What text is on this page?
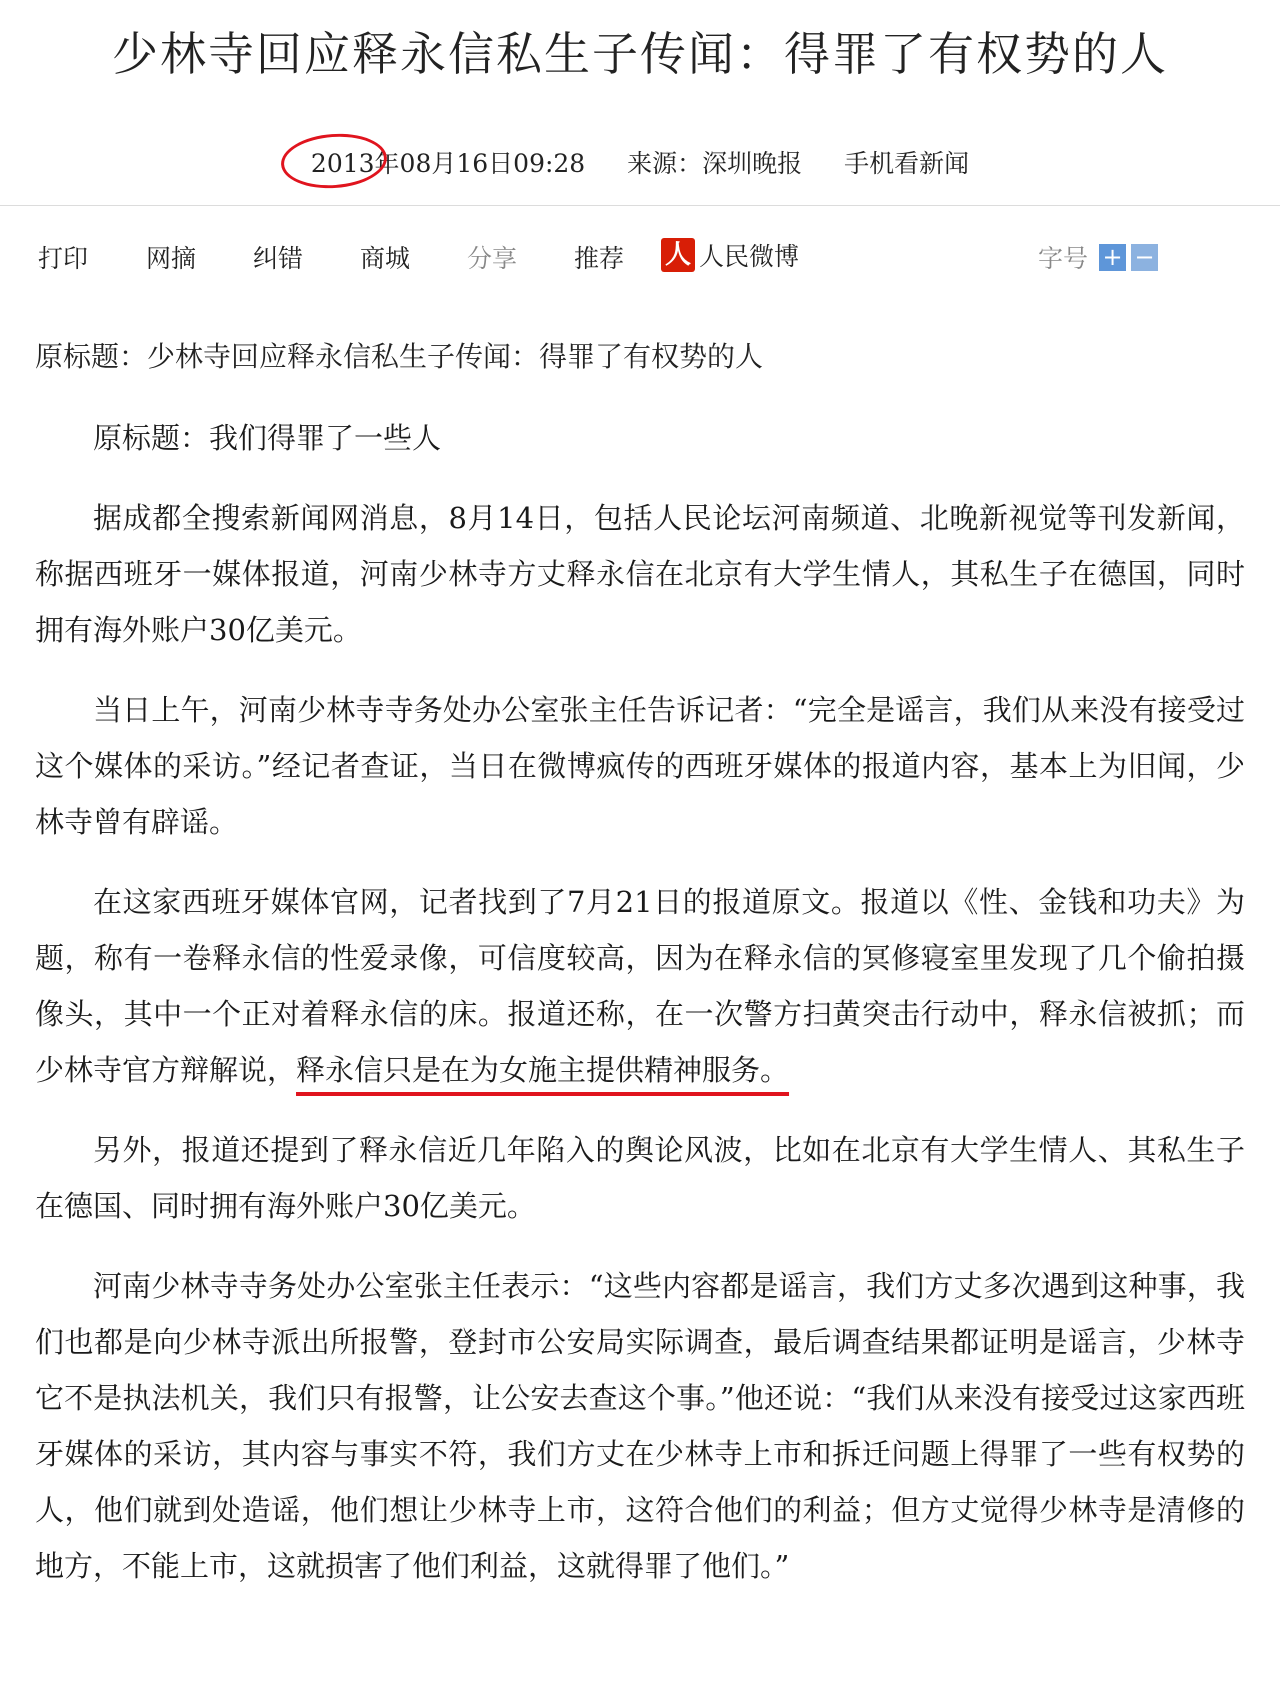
少林寺回应释永信私生子传闻：得罪了有权势的人
2013年
08月16日09:28 来源：深圳晚报 手机看新闻
打印 网摘 纠错 商城 分享 推荐 人 人民微博	字号 + −
原标题：少林寺回应释永信私生子传闻：得罪了有权势的人

原标题：我们得罪了一些人

据成都全搜索新闻网消息，8月14日，包括人民论坛河南频道、北晚新视觉等刊发新闻，称据西班牙一媒体报道，河南少林寺方丈释永信在北京有大学生情人，其私生子在德国，同时拥有海外账户30亿美元。

当日上午，河南少林寺寺务处办公室张主任告诉记者：“完全是谣言，我们从来没有接受过这个媒体的采访。”经记者查证，当日在微博疯传的西班牙媒体的报道内容，基本上为旧闻，少林寺曾有辟谣。

在这家西班牙媒体官网，记者找到了7月21日的报道原文。报道以《性、金钱和功夫》为题，称有一卷释永信的性爱录像，可信度较高，因为在释永信的冥修寝室里发现了几个偷拍摄像头，其中一个正对着释永信的床。报道还称，在一次警方扫黄突击行动中，释永信被抓；而少林寺官方辩解说，释永信只是在为女施主提供精神服务。

另外，报道还提到了释永信近几年陷入的舆论风波，比如在北京有大学生情人、其私生子在德国、同时拥有海外账户30亿美元。

河南少林寺寺务处办公室张主任表示：“这些内容都是谣言，我们方丈多次遇到这种事，我们也都是向少林寺派出所报警，登封市公安局实际调查，最后调查结果都证明是谣言，少林寺它不是执法机关，我们只有报警，让公安去查这个事。”他还说：“我们从来没有接受过这家西班牙媒体的采访，其内容与事实不符，我们方丈在少林寺上市和拆迁问题上得罪了一些有权势的人，他们就到处造谣，他们想让少林寺上市，这符合他们的利益；但方丈觉得少林寺是清修的地方，不能上市，这就损害了他们利益，这就得罪了他们。”
